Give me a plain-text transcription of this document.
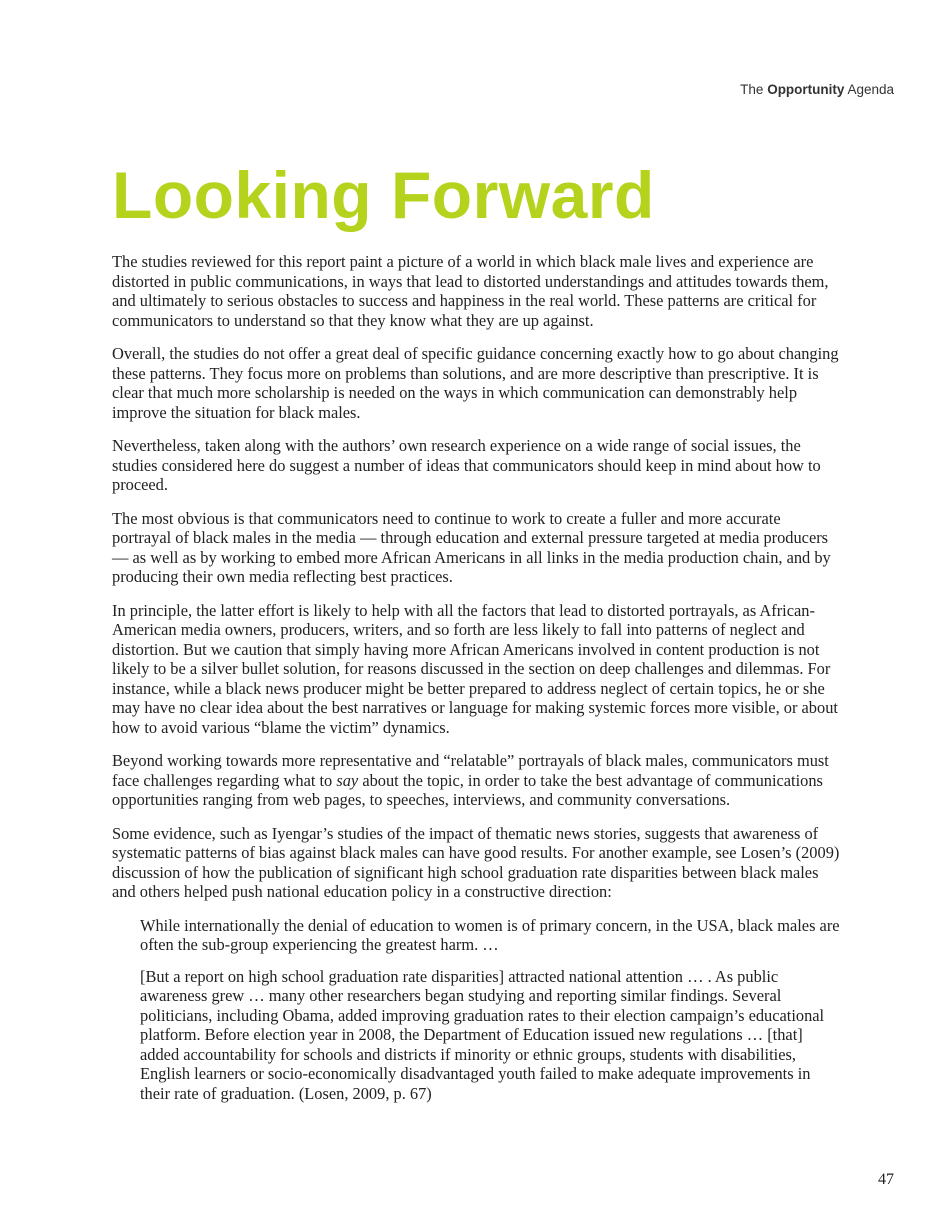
The Opportunity Agenda
Looking Forward

The studies reviewed for this report paint a picture of a world in which black male lives and experience are distorted in public communications, in ways that lead to distorted understandings and attitudes towards them, and ultimately to serious obstacles to success and happiness in the real world. These patterns are critical for communicators to understand so that they know what they are up against.

Overall, the studies do not offer a great deal of specific guidance concerning exactly how to go about changing these patterns. They focus more on problems than solutions, and are more descriptive than prescriptive. It is clear that much more scholarship is needed on the ways in which communication can demonstrably help improve the situation for black males.

Nevertheless, taken along with the authors’ own research experience on a wide range of social issues, the studies considered here do suggest a number of ideas that communicators should keep in mind about how to proceed.

The most obvious is that communicators need to continue to work to create a fuller and more accurate portrayal of black males in the media — through education and external pressure targeted at media producers — as well as by working to embed more African Americans in all links in the media production chain, and by producing their own media reflecting best practices.

In principle, the latter effort is likely to help with all the factors that lead to distorted portrayals, as African-American media owners, producers, writers, and so forth are less likely to fall into patterns of neglect and distortion. But we caution that simply having more African Americans involved in content production is not likely to be a silver bullet solution, for reasons discussed in the section on deep challenges and dilemmas. For instance, while a black news producer might be better prepared to address neglect of certain topics, he or she may have no clear idea about the best narratives or language for making systemic forces more visible, or about how to avoid various “blame the victim” dynamics.

Beyond working towards more representative and “relatable” portrayals of black males, communicators must face challenges regarding what to say about the topic, in order to take the best advantage of communications opportunities ranging from web pages, to speeches, interviews, and community conversations.

Some evidence, such as Iyengar’s studies of the impact of thematic news stories, suggests that awareness of systematic patterns of bias against black males can have good results. For another example, see Losen’s (2009) discussion of how the publication of significant high school graduation rate disparities between black males and others helped push national education policy in a constructive direction:

While internationally the denial of education to women is of primary concern, in the USA, black males are often the sub-group experiencing the greatest harm. …
[But a report on high school graduation rate disparities] attracted national attention … . As public awareness grew … many other researchers began studying and reporting similar findings. Several politicians, including Obama, added improving graduation rates to their election campaign’s educational platform. Before election year in 2008, the Department of Education issued new regulations … [that] added accountability for schools and districts if minority or ethnic groups, students with disabilities, English learners or socio-economically disadvantaged youth failed to make adequate improvements in their rate of graduation. (Losen, 2009, p. 67)
47
